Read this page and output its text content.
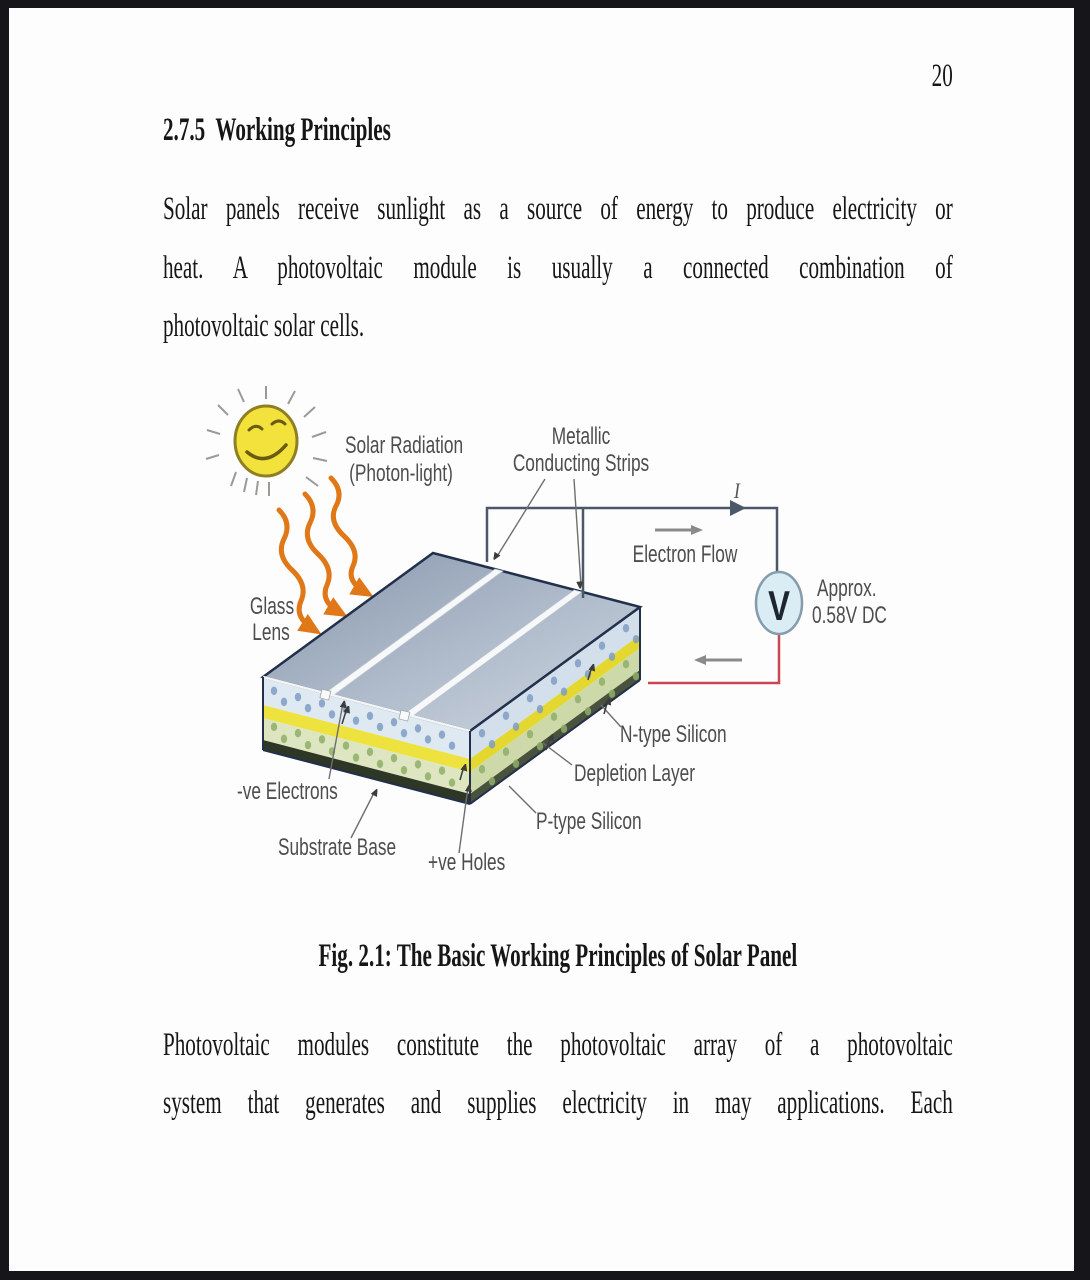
20
2.7.5  Working Principles
Solar panels receive sunlight as a source of energy to produce electricity or
heat. A photovoltaic module is usually a connected combination of
photovoltaic solar cells.
V
Solar Radiation
(Photon-light)
Metallic
Conducting Strips
I
Electron Flow
Approx.
0.58V DC
Glass
Lens
N-type Silicon
Depletion Layer
P-type Silicon
-ve Electrons
Substrate Base
+ve Holes
Fig. 2.1: The Basic Working Principles of Solar Panel
Photovoltaic modules constitute the photovoltaic array of a photovoltaic
system that generates and supplies electricity in may applications. Each
